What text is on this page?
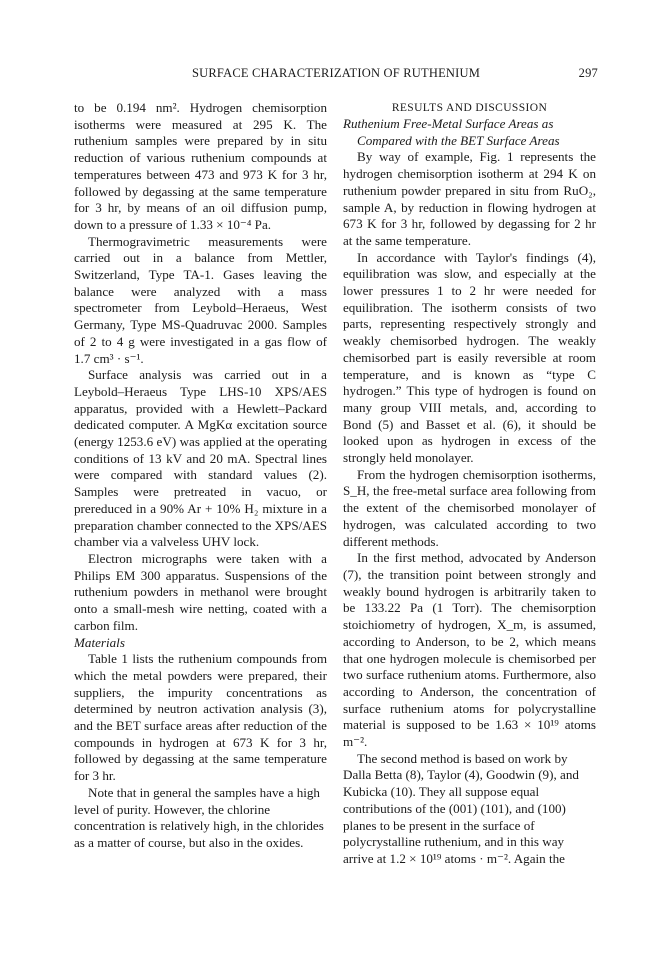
SURFACE CHARACTERIZATION OF RUTHENIUM	297

to be 0.194 nm². Hydrogen chemisorption isotherms were measured at 295 K. The ruthenium samples were prepared by in situ reduction of various ruthenium compounds at temperatures between 473 and 973 K for 3 hr, followed by degassing at the same temperature for 3 hr, by means of an oil diffusion pump, down to a pressure of 1.33 × 10⁻⁴ Pa.

Thermogravimetric measurements were carried out in a balance from Mettler, Switzerland, Type TA-1. Gases leaving the balance were analyzed with a mass spectrometer from Leybold–Heraeus, West Germany, Type MS-Quadruvac 2000. Samples of 2 to 4 g were investigated in a gas flow of 1.7 cm³ · s⁻¹.

Surface analysis was carried out in a Leybold–Heraeus Type LHS-10 XPS/AES apparatus, provided with a Hewlett–Packard dedicated computer. A MgKα excitation source (energy 1253.6 eV) was applied at the operating conditions of 13 kV and 20 mA. Spectral lines were compared with standard values (2). Samples were pretreated in vacuo, or prereduced in a 90% Ar + 10% H₂ mixture in a preparation chamber connected to the XPS/AES chamber via a valveless UHV lock.

Electron micrographs were taken with a Philips EM 300 apparatus. Suspensions of the ruthenium powders in methanol were brought onto a small-mesh wire netting, coated with a carbon film.

Materials

Table 1 lists the ruthenium compounds from which the metal powders were prepared, their suppliers, the impurity concentrations as determined by neutron activation analysis (3), and the BET surface areas after reduction of the compounds in hydrogen at 673 K for 3 hr, followed by degassing at the same temperature for 3 hr.

Note that in general the samples have a high level of purity. However, the chlorine concentration is relatively high, in the chlorides as a matter of course, but also in the oxides.

RESULTS AND DISCUSSION

Ruthenium Free-Metal Surface Areas as
Compared with the BET Surface Areas

By way of example, Fig. 1 represents the hydrogen chemisorption isotherm at 294 K on ruthenium powder prepared in situ from RuO₂, sample A, by reduction in flowing hydrogen at 673 K for 3 hr, followed by degassing for 2 hr at the same temperature.

In accordance with Taylor's findings (4), equilibration was slow, and especially at the lower pressures 1 to 2 hr were needed for equilibration. The isotherm consists of two parts, representing respectively strongly and weakly chemisorbed hydrogen. The weakly chemisorbed part is easily reversible at room temperature, and is known as “type C hydrogen.” This type of hydrogen is found on many group VIII metals, and, according to Bond (5) and Basset et al. (6), it should be looked upon as hydrogen in excess of the strongly held monolayer.

From the hydrogen chemisorption isotherms, S_H, the free-metal surface area following from the extent of the chemisorbed monolayer of hydrogen, was calculated according to two different methods.

In the first method, advocated by Anderson (7), the transition point between strongly and weakly bound hydrogen is arbitrarily taken to be 133.22 Pa (1 Torr). The chemisorption stoichiometry of hydrogen, X_m, is assumed, according to Anderson, to be 2, which means that one hydrogen molecule is chemisorbed per two surface ruthenium atoms. Furthermore, also according to Anderson, the concentration of surface ruthenium atoms for polycrystalline material is supposed to be 1.63 × 10¹⁹ atoms m⁻².

The second method is based on work by Dalla Betta (8), Taylor (4), Goodwin (9), and Kubicka (10). They all suppose equal contributions of the (001) (101), and (100) planes to be present in the surface of polycrystalline ruthenium, and in this way arrive at 1.2 × 10¹⁹ atoms · m⁻². Again the
